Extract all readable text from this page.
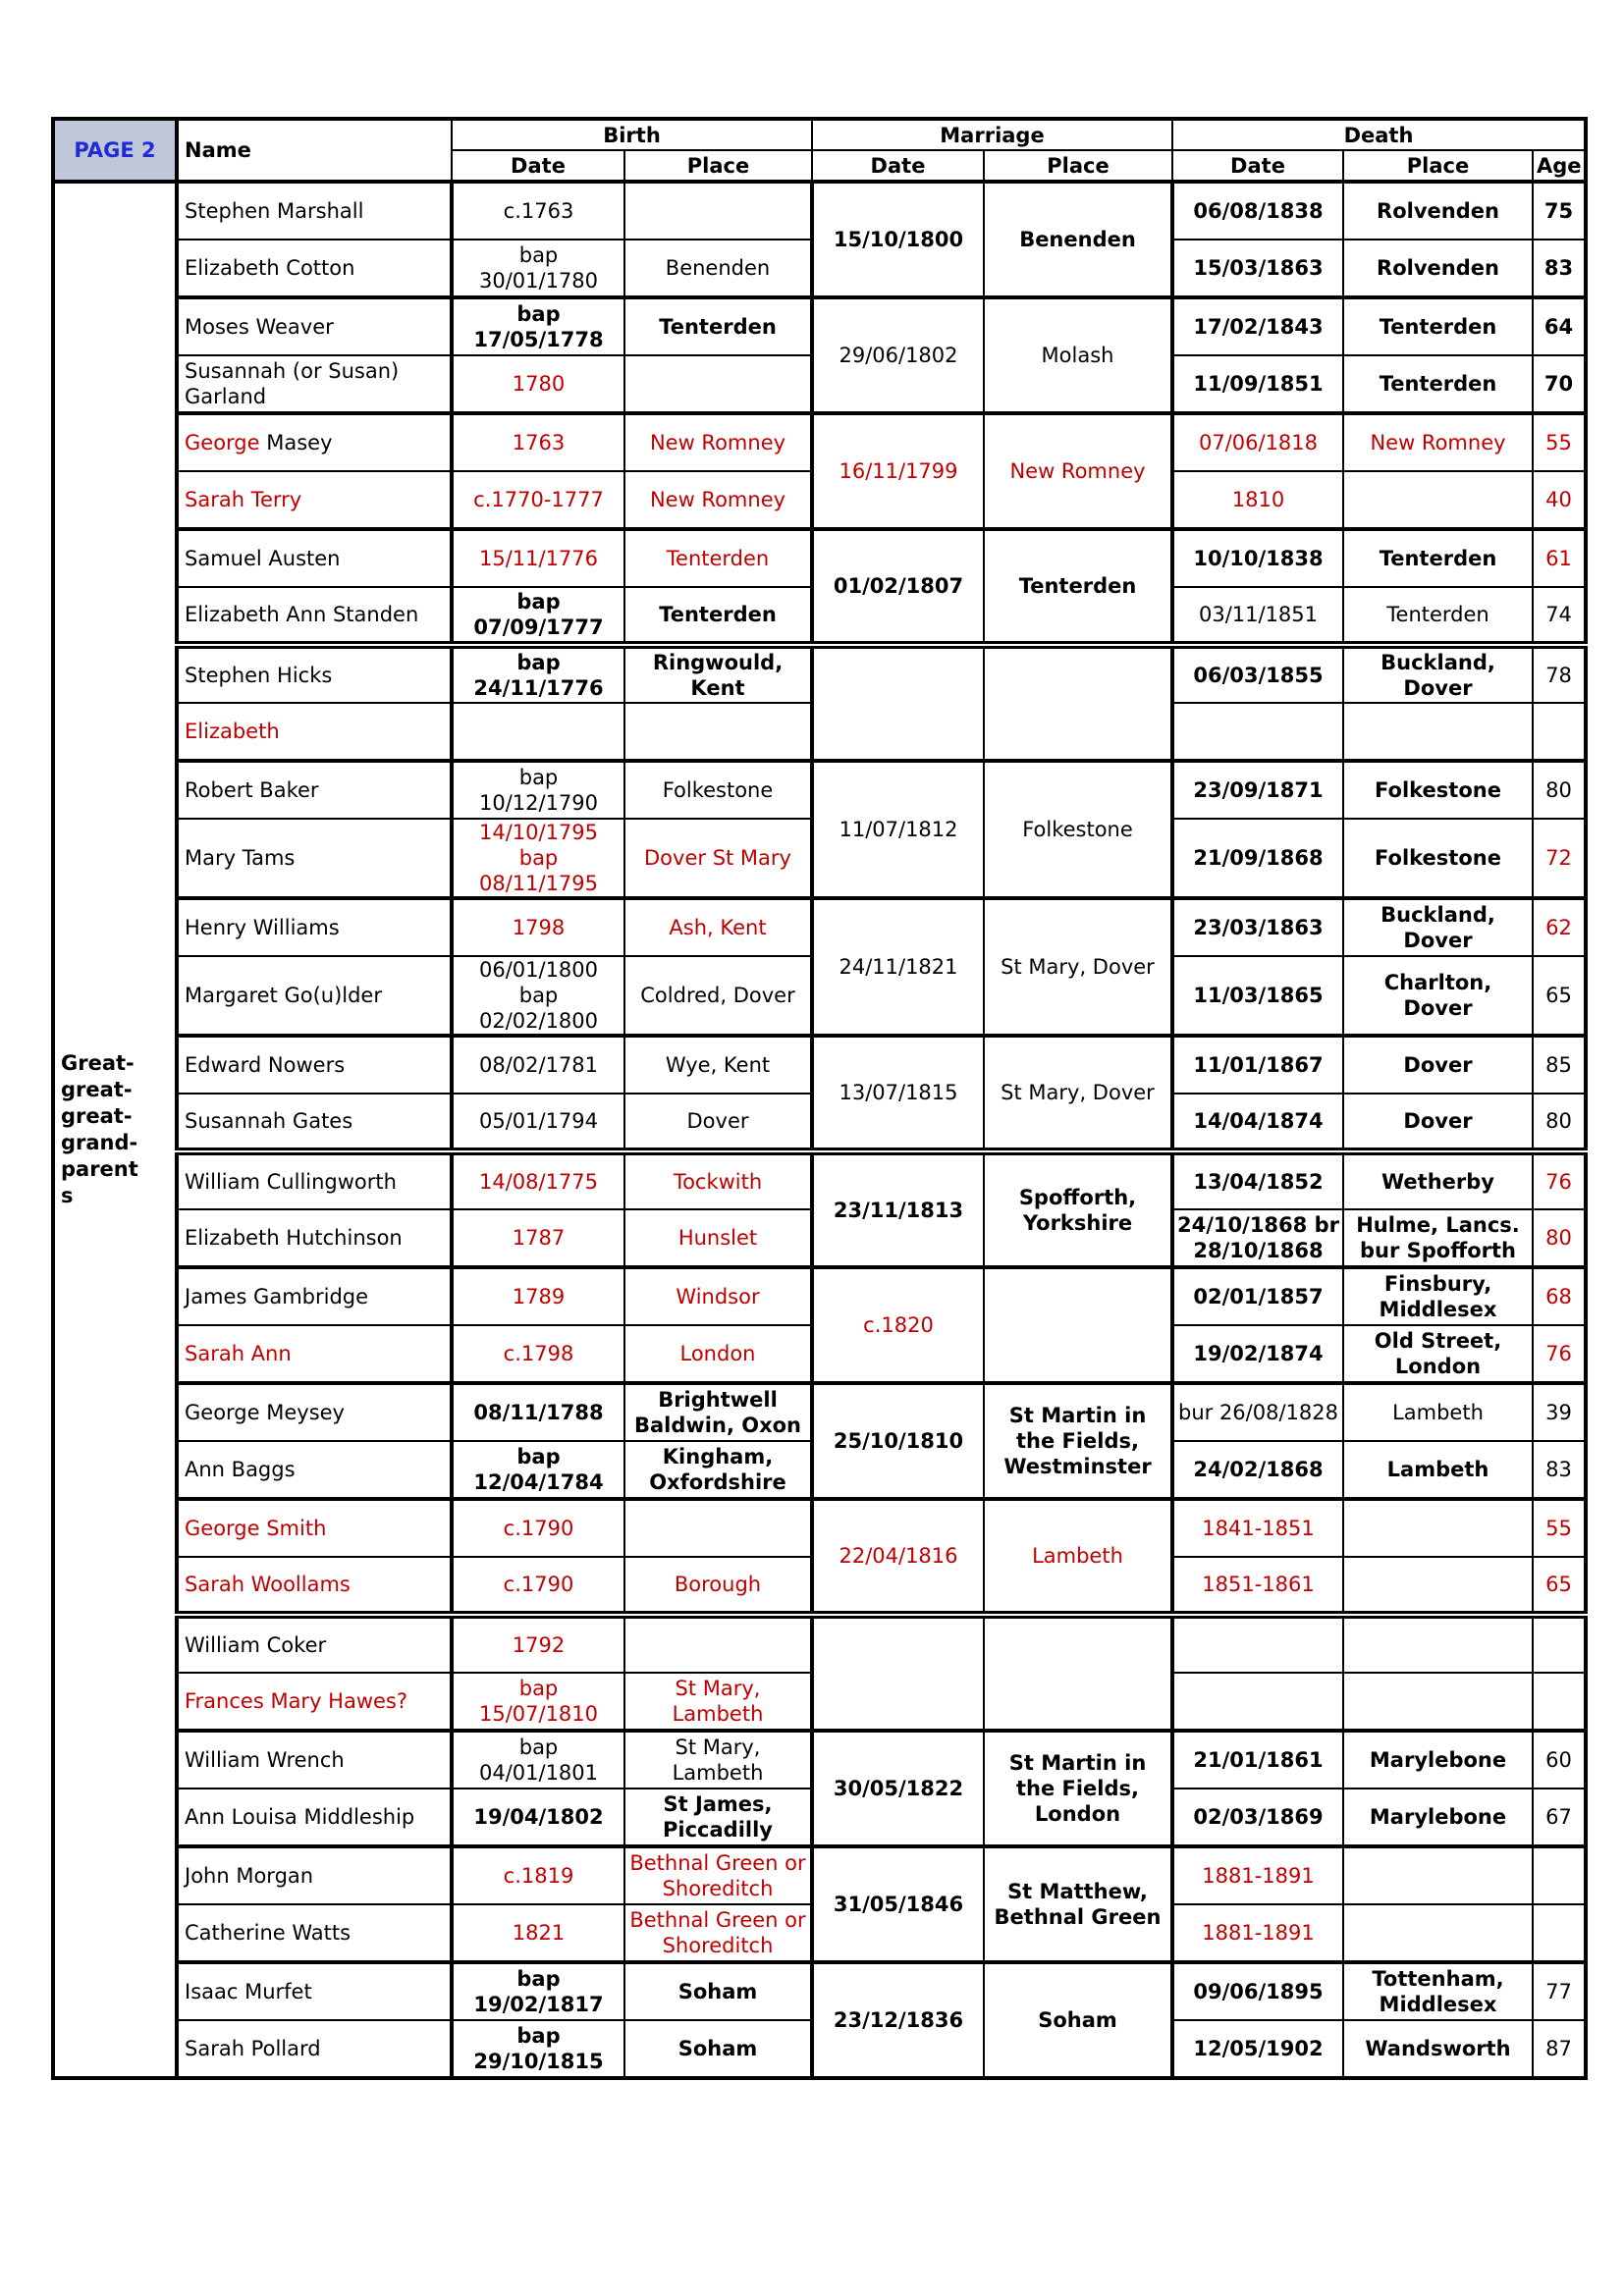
PAGE 2	Name	Birth		Marriage		Death		
		Date	Place	Date	Place	Date	Place	Age
Great-great-great-grand-parents	Stephen Marshall	c.1763		15/10/1800	Benenden	06/08/1838	Rolvenden	75
	Elizabeth Cotton	bap 30/01/1780	Benenden			15/03/1863	Rolvenden	83
	Moses Weaver	bap 17/05/1778	Tenterden	29/06/1802	Molash	17/02/1843	Tenterden	64
	Susannah (or Susan) Garland	1780				11/09/1851	Tenterden	70
	George Masey	1763	New Romney	16/11/1799	New Romney	07/06/1818	New Romney	55
	Sarah Terry	c.1770-1777	New Romney			1810		40
	Samuel Austen	15/11/1776	Tenterden	01/02/1807	Tenterden	10/10/1838	Tenterden	61
	Elizabeth Ann Standen	bap 07/09/1777	Tenterden			03/11/1851	Tenterden	74
	Stephen Hicks	bap 24/11/1776	Ringwould, Kent			06/03/1855	Buckland, Dover	78
	Elizabeth							
	Robert Baker	bap 10/12/1790	Folkestone	11/07/1812	Folkestone	23/09/1871	Folkestone	80
	Mary Tams	14/10/1795 bap 08/11/1795	Dover St Mary			21/09/1868	Folkestone	72
	Henry Williams	1798	Ash, Kent	24/11/1821	St Mary, Dover	23/03/1863	Buckland, Dover	62
	Margaret Go(u)lder	06/01/1800 bap 02/02/1800	Coldred, Dover			11/03/1865	Charlton, Dover	65
	Edward Nowers	08/02/1781	Wye, Kent	13/07/1815	St Mary, Dover	11/01/1867	Dover	85
	Susannah Gates	05/01/1794	Dover			14/04/1874	Dover	80
	William Cullingworth	14/08/1775	Tockwith	23/11/1813	Spofforth, Yorkshire	13/04/1852	Wetherby	76
	Elizabeth Hutchinson	1787	Hunslet			24/10/1868 br 28/10/1868	Hulme, Lancs. bur Spofforth	80
	James Gambridge	1789	Windsor	c.1820		02/01/1857	Finsbury, Middlesex	68
	Sarah Ann	c.1798	London			19/02/1874	Old Street, London	76
	George Meysey	08/11/1788	Brightwell Baldwin, Oxon	25/10/1810	St Martin in the Fields, Westminster	bur 26/08/1828	Lambeth	39
	Ann Baggs	bap 12/04/1784	Kingham, Oxfordshire			24/02/1868	Lambeth	83
	George Smith	c.1790		22/04/1816	Lambeth	1841-1851		55
	Sarah Woollams	c.1790	Borough			1851-1861		65
	William Coker	1792						
	Frances Mary Hawes?	bap 15/07/1810	St Mary, Lambeth					
	William Wrench	bap 04/01/1801	St Mary, Lambeth	30/05/1822	St Martin in the Fields, London	21/01/1861	Marylebone	60
	Ann Louisa Middleship	19/04/1802	St James, Piccadilly			02/03/1869	Marylebone	67
	John Morgan	c.1819	Bethnal Green or Shoreditch	31/05/1846	St Matthew, Bethnal Green	1881-1891		
	Catherine Watts	1821	Bethnal Green or Shoreditch			1881-1891		
	Isaac Murfet	bap 19/02/1817	Soham	23/12/1836	Soham	09/06/1895	Tottenham, Middlesex	77
	Sarah Pollard	bap 29/10/1815	Soham			12/05/1902	Wandsworth	87
